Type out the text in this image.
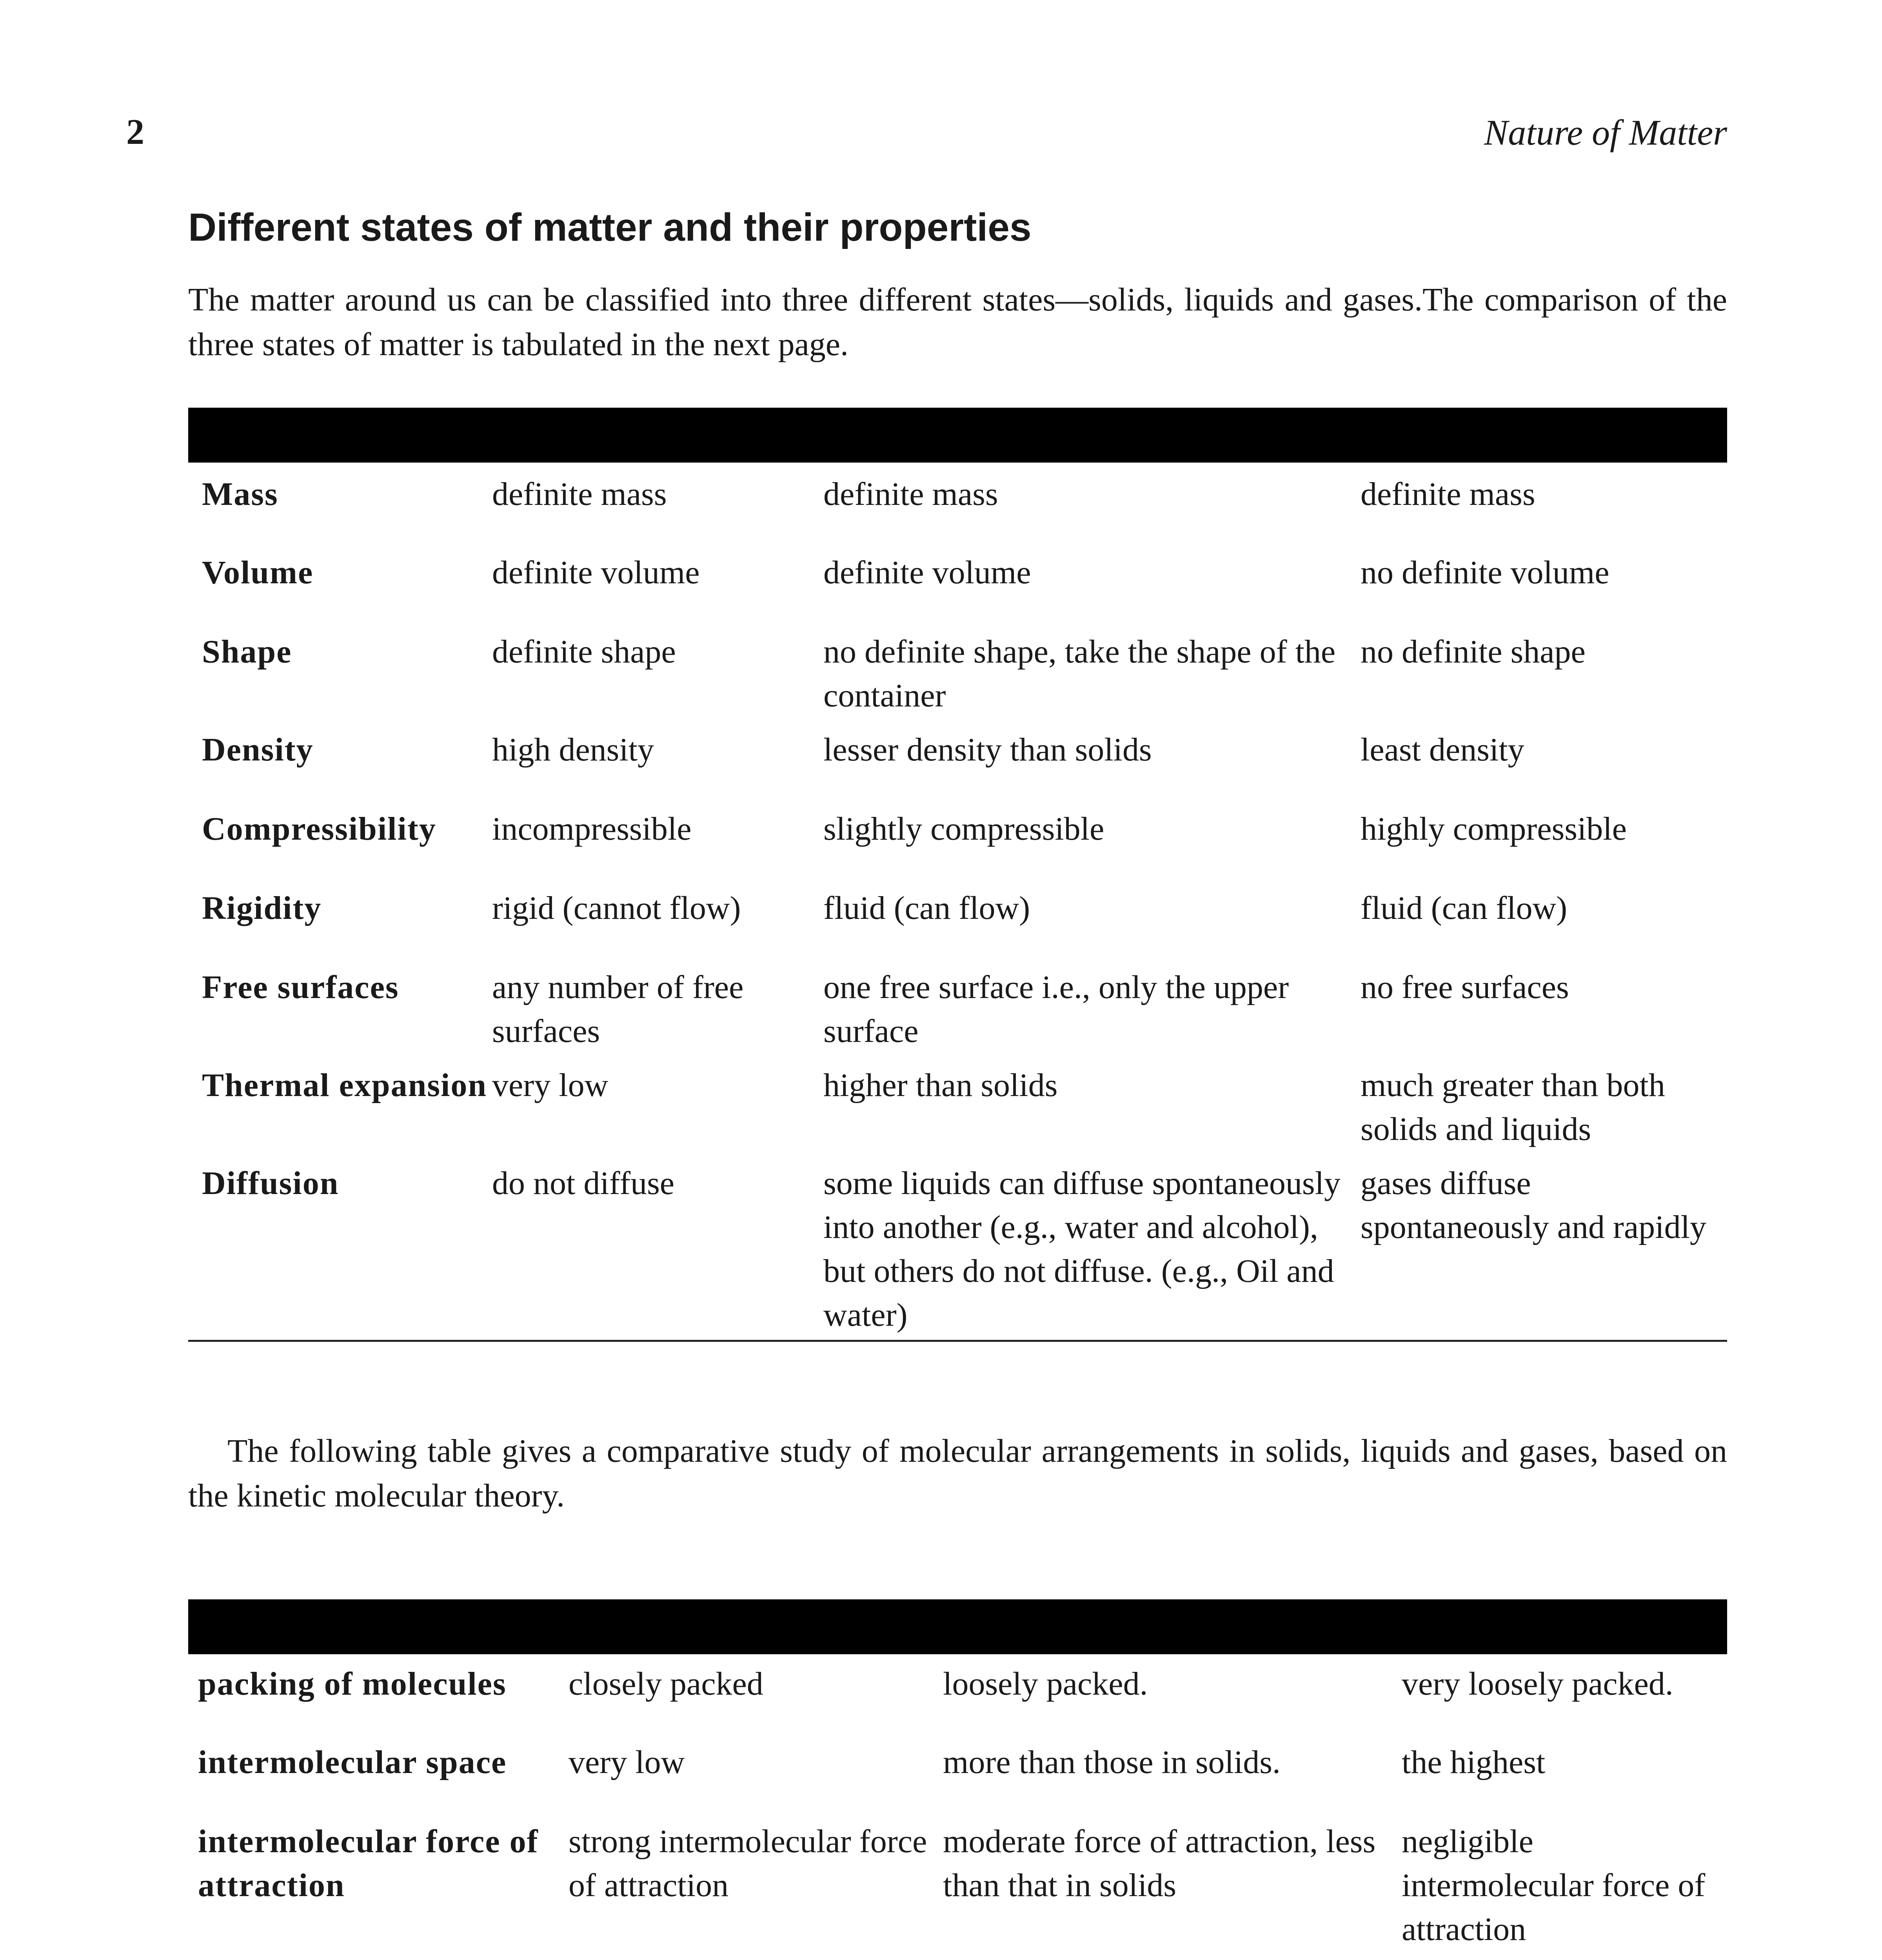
2	Nature of Matter
Different states of matter and their properties

The matter around us can be classified into three different states—solids, liquids and gases.The comparison of the three states of matter is tabulated in the next page.

Mass	definite mass	definite mass	definite mass
Volume	definite volume	definite volume	no definite volume
Shape	definite shape	no definite shape, take the shape of the container	no definite shape
Density	high density	lesser density than solids	least density
Compressibility	incompressible	slightly compressible	highly compressible
Rigidity	rigid (cannot flow)	fluid (can flow)	fluid (can flow)
Free surfaces	any number of free surfaces	one free surface i.e., only the upper surface	no free surfaces
Thermal expansion	very low	higher than solids	much greater than both solids and liquids
Diffusion	do not diffuse	some liquids can diffuse spontaneously into another (e.g., water and alcohol), but others do not diffuse. (e.g., Oil and water)	gases diffuse spontaneously and rapidly

The following table gives a comparative study of molecular arrangements in solids, liquids and gases, based on the kinetic molecular theory.

packing of molecules	closely packed	loosely packed.	very loosely packed.
intermolecular space	very low	more than those in solids.	the highest
intermolecular force of attraction	strong intermolecular force of attraction	moderate force of attraction, less than that in solids	negligible intermolecular force of attraction
